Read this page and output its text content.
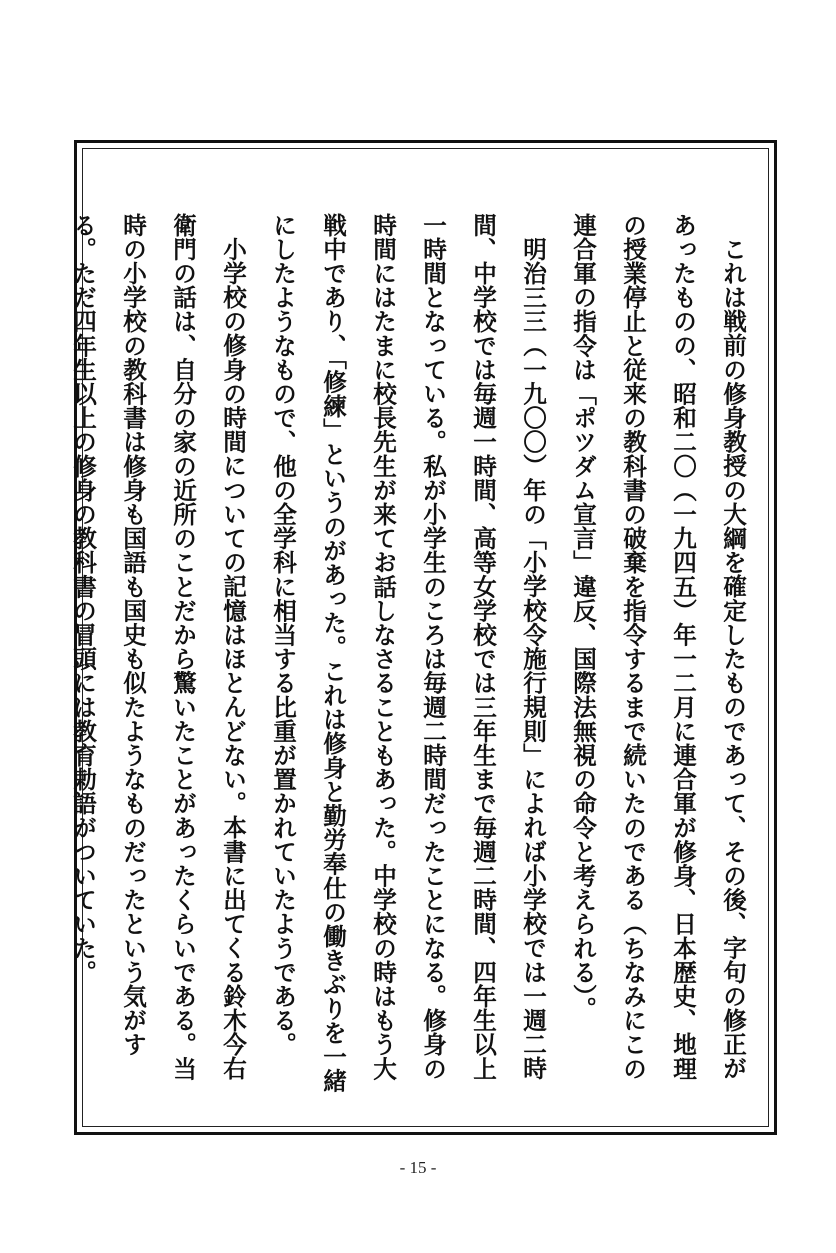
これは戦前の修身教授の大綱を確定したものであって、その後、字句の修正があったものの、昭和二〇（一九四五）年一二月に連合軍が修身、日本歴史、地理の授業停止と従来の教科書の破棄を指令するまで続いたのである（ちなみにこの連合軍の指令は「ポツダム宣言」違反、国際法無視の命令と考えられる）。

明治三三（一九〇〇）年の「小学校令施行規則」によれば小学校では一週二時間、中学校では毎週一時間、高等女学校では三年生まで毎週二時間、四年生以上一時間となっている。私が小学生のころは毎週二時間だったことになる。修身の時間にはたまに校長先生が来てお話しなさることもあった。中学校の時はもう大戦中であり、「修練」というのがあった。これは修身と勤労奉仕の働きぶりを一緒にしたようなもので、他の全学科に相当する比重が置かれていたようである。

小学校の修身の時間についての記憶はほとんどない。本書に出てくる鈴木今右衛門の話は、自分の家の近所のことだから驚いたことがあったくらいである。当時の小学校の教科書は修身も国語も国史も似たようなものだったという気がする。ただ四年生以上の修身の教科書の冒頭には教育勅語がついていた。

- 15 -
